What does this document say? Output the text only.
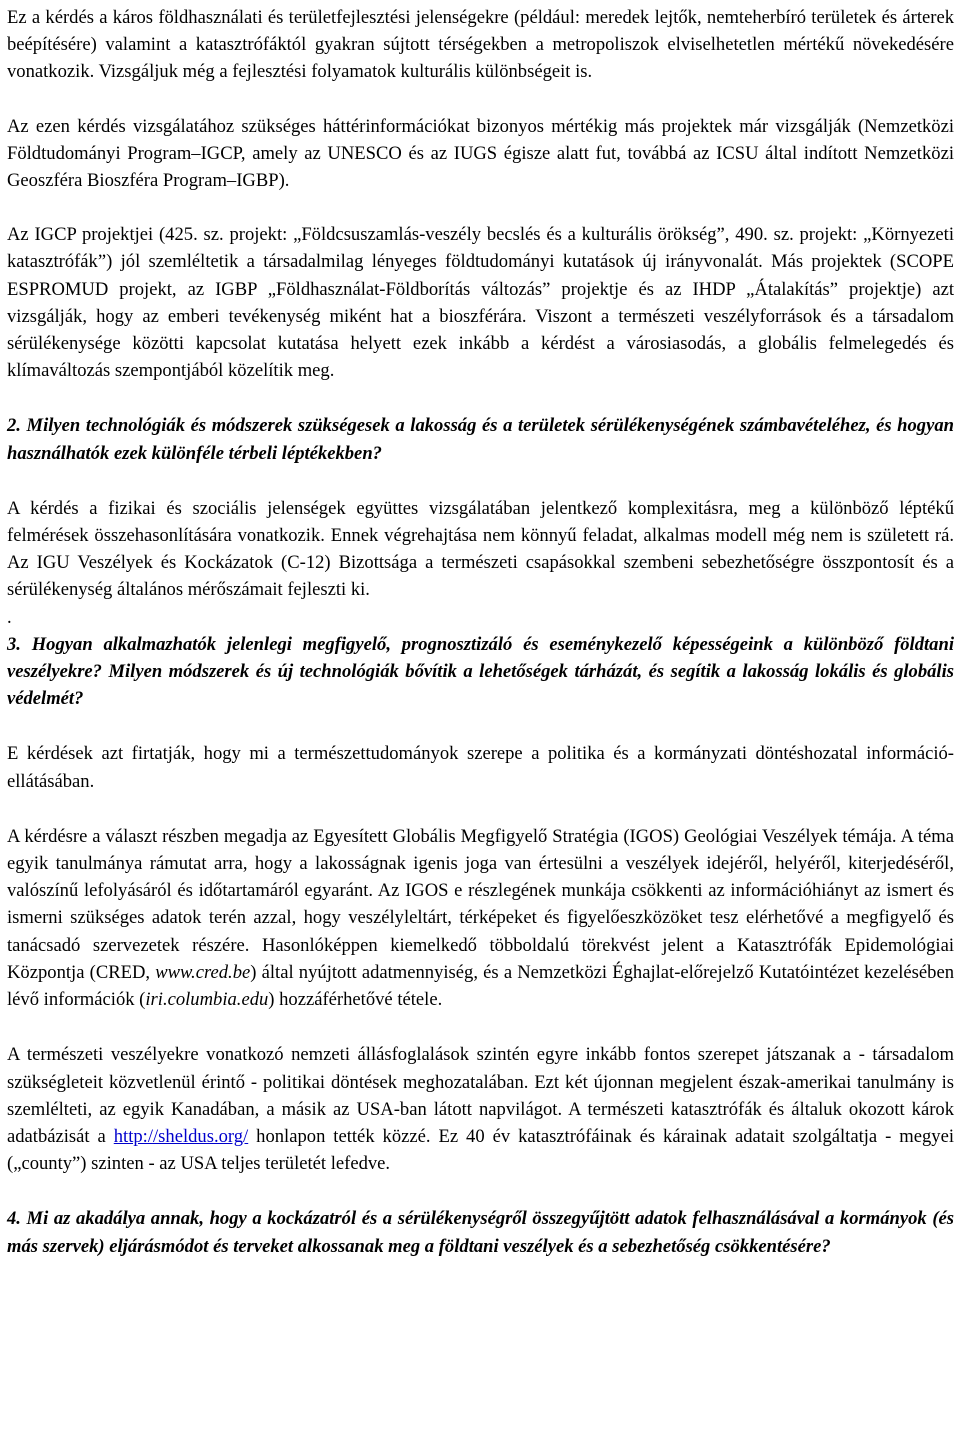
Ez a kérdés a káros földhasználati és területfejlesztési jelenségekre (például: meredek lejtők, nemteherbíró területek és árterek beépítésére) valamint a katasztrófáktól gyakran sújtott térségekben a metropoliszok elviselhetetlen mértékű növekedésére vonatkozik. Vizsgáljuk még a fejlesztési folyamatok kulturális különbségeit is.

Az ezen kérdés vizsgálatához szükséges háttérinformációkat bizonyos mértékig más projektek már vizsgálják (Nemzetközi Földtudományi Program–IGCP, amely az UNESCO és az IUGS égisze alatt fut, továbbá az ICSU által indított Nemzetközi Geoszféra Bioszféra Program–IGBP).

Az IGCP projektjei (425. sz. projekt: „Földcsuszamlás-veszély becslés és a kulturális örökség”, 490. sz. projekt: „Környezeti katasztrófák”) jól szemléltetik a társadalmilag lényeges földtudományi kutatások új irányvonalát. Más projektek (SCOPE ESPROMUD projekt, az IGBP „Földhasználat-Földborítás változás” projektje és az IHDP „Átalakítás” projektje) azt vizsgálják, hogy az emberi tevékenység miként hat a bioszférára. Viszont a természeti veszélyforrások és a társadalom sérülékenysége közötti kapcsolat kutatása helyett ezek inkább a kérdést a városiasodás, a globális felmelegedés és klímaváltozás szempontjából közelítik meg.

2. Milyen technológiák és módszerek szükségesek a lakosság és a területek sérülékenységének számbavételéhez, és hogyan használhatók ezek különféle térbeli léptékekben?

A kérdés a fizikai és szociális jelenségek együttes vizsgálatában jelentkező komplexitásra, meg a különböző léptékű felmérések összehasonlítására vonatkozik. Ennek végrehajtása nem könnyű feladat, alkalmas modell még nem is született rá. Az IGU Veszélyek és Kockázatok (C-12) Bizottsága a természeti csapásokkal szembeni sebezhetőségre összpontosít és a sérülékenység általános mérőszámait fejleszti ki.

.

3. Hogyan alkalmazhatók jelenlegi megfigyelő, prognosztizáló és eseménykezelő képességeink a különböző földtani veszélyekre? Milyen módszerek és új technológiák bővítik a lehetőségek tárházát, és segítik a lakosság lokális és globális védelmét?

E kérdések azt firtatják, hogy mi a természettudományok szerepe a politika és a kormányzati döntéshozatal információ-ellátásában.

A kérdésre a választ részben megadja az Egyesített Globális Megfigyelő Stratégia (IGOS) Geológiai Veszélyek témája. A téma egyik tanulmánya rámutat arra, hogy a lakosságnak igenis joga van értesülni a veszélyek idejéről, helyéről, kiterjedéséről, valószínű lefolyásáról és időtartamáról egyaránt. Az IGOS e részlegének munkája csökkenti az információhiányt az ismert és ismerni szükséges adatok terén azzal, hogy veszélyleltárt, térképeket és figyelőeszközöket tesz elérhetővé a megfigyelő és tanácsadó szervezetek részére. Hasonlóképpen kiemelkedő többoldalú törekvést jelent a Katasztrófák Epidemológiai Központja (CRED, www.cred.be) által nyújtott adatmennyiség, és a Nemzetközi Éghajlat-előrejelző Kutatóintézet kezelésében lévő információk (iri.columbia.edu) hozzáférhetővé tétele.

A természeti veszélyekre vonatkozó nemzeti állásfoglalások szintén egyre inkább fontos szerepet játszanak a - társadalom szükségleteit közvetlenül érintő - politikai döntések meghozatalában. Ezt két újonnan megjelent észak-amerikai tanulmány is szemlélteti, az egyik Kanadában, a másik az USA-ban látott napvilágot. A természeti katasztrófák és általuk okozott károk adatbázisát a http://sheldus.org/ honlapon tették közzé. Ez 40 év katasztrófáinak és kárainak adatait szolgáltatja - megyei („county”) szinten - az USA teljes területét lefedve.

4. Mi az akadálya annak, hogy a kockázatról és a sérülékenységről összegyűjtött adatok felhasználásával a kormányok (és más szervek) eljárásmódot és terveket alkossanak meg a földtani veszélyek és a sebezhetőség csökkentésére?
